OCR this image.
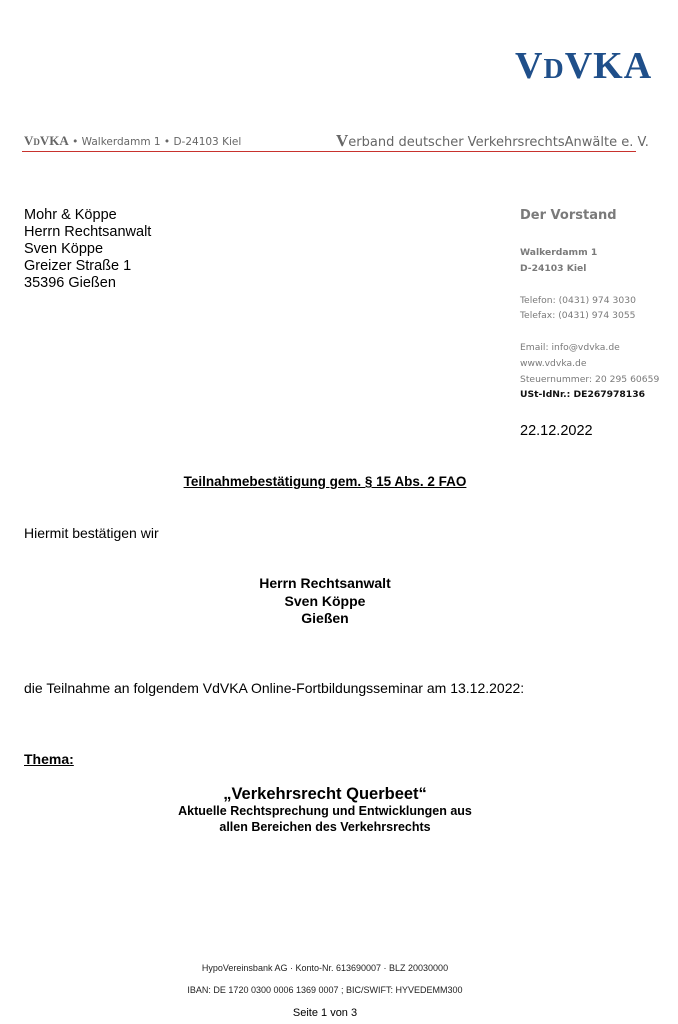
VDVKA
VDVKA • Walkerdamm 1 • D-24103 Kiel	Verband deutscher VerkehrsrechtsAnwälte e. V.
Mohr & Köppe
Herrn Rechtsanwalt
Sven Köppe
Greizer Straße 1
35396 Gießen
Der Vorstand
Walkerdamm 1
D-24103 Kiel
Telefon: (0431) 974 3030
Telefax: (0431) 974 3055
Email: info@vdvka.de
www.vdvka.de
Steuernummer: 20 295 60659
USt-IdNr.: DE267978136
22.12.2022
Teilnahmebestätigung gem. § 15 Abs. 2 FAO
Hiermit bestätigen wir
Herrn Rechtsanwalt
Sven Köppe
Gießen
die Teilnahme an folgendem VdVKA Online-Fortbildungsseminar am 13.12.2022:
Thema:
„Verkehrsrecht Querbeet“
Aktuelle Rechtsprechung und Entwicklungen aus
allen Bereichen des Verkehrsrechts
HypoVereinsbank AG · Konto-Nr. 613690007 · BLZ 20030000
IBAN: DE 1720 0300 0006 1369 0007 ; BIC/SWIFT: HYVEDEMM300
Seite 1 von 3
